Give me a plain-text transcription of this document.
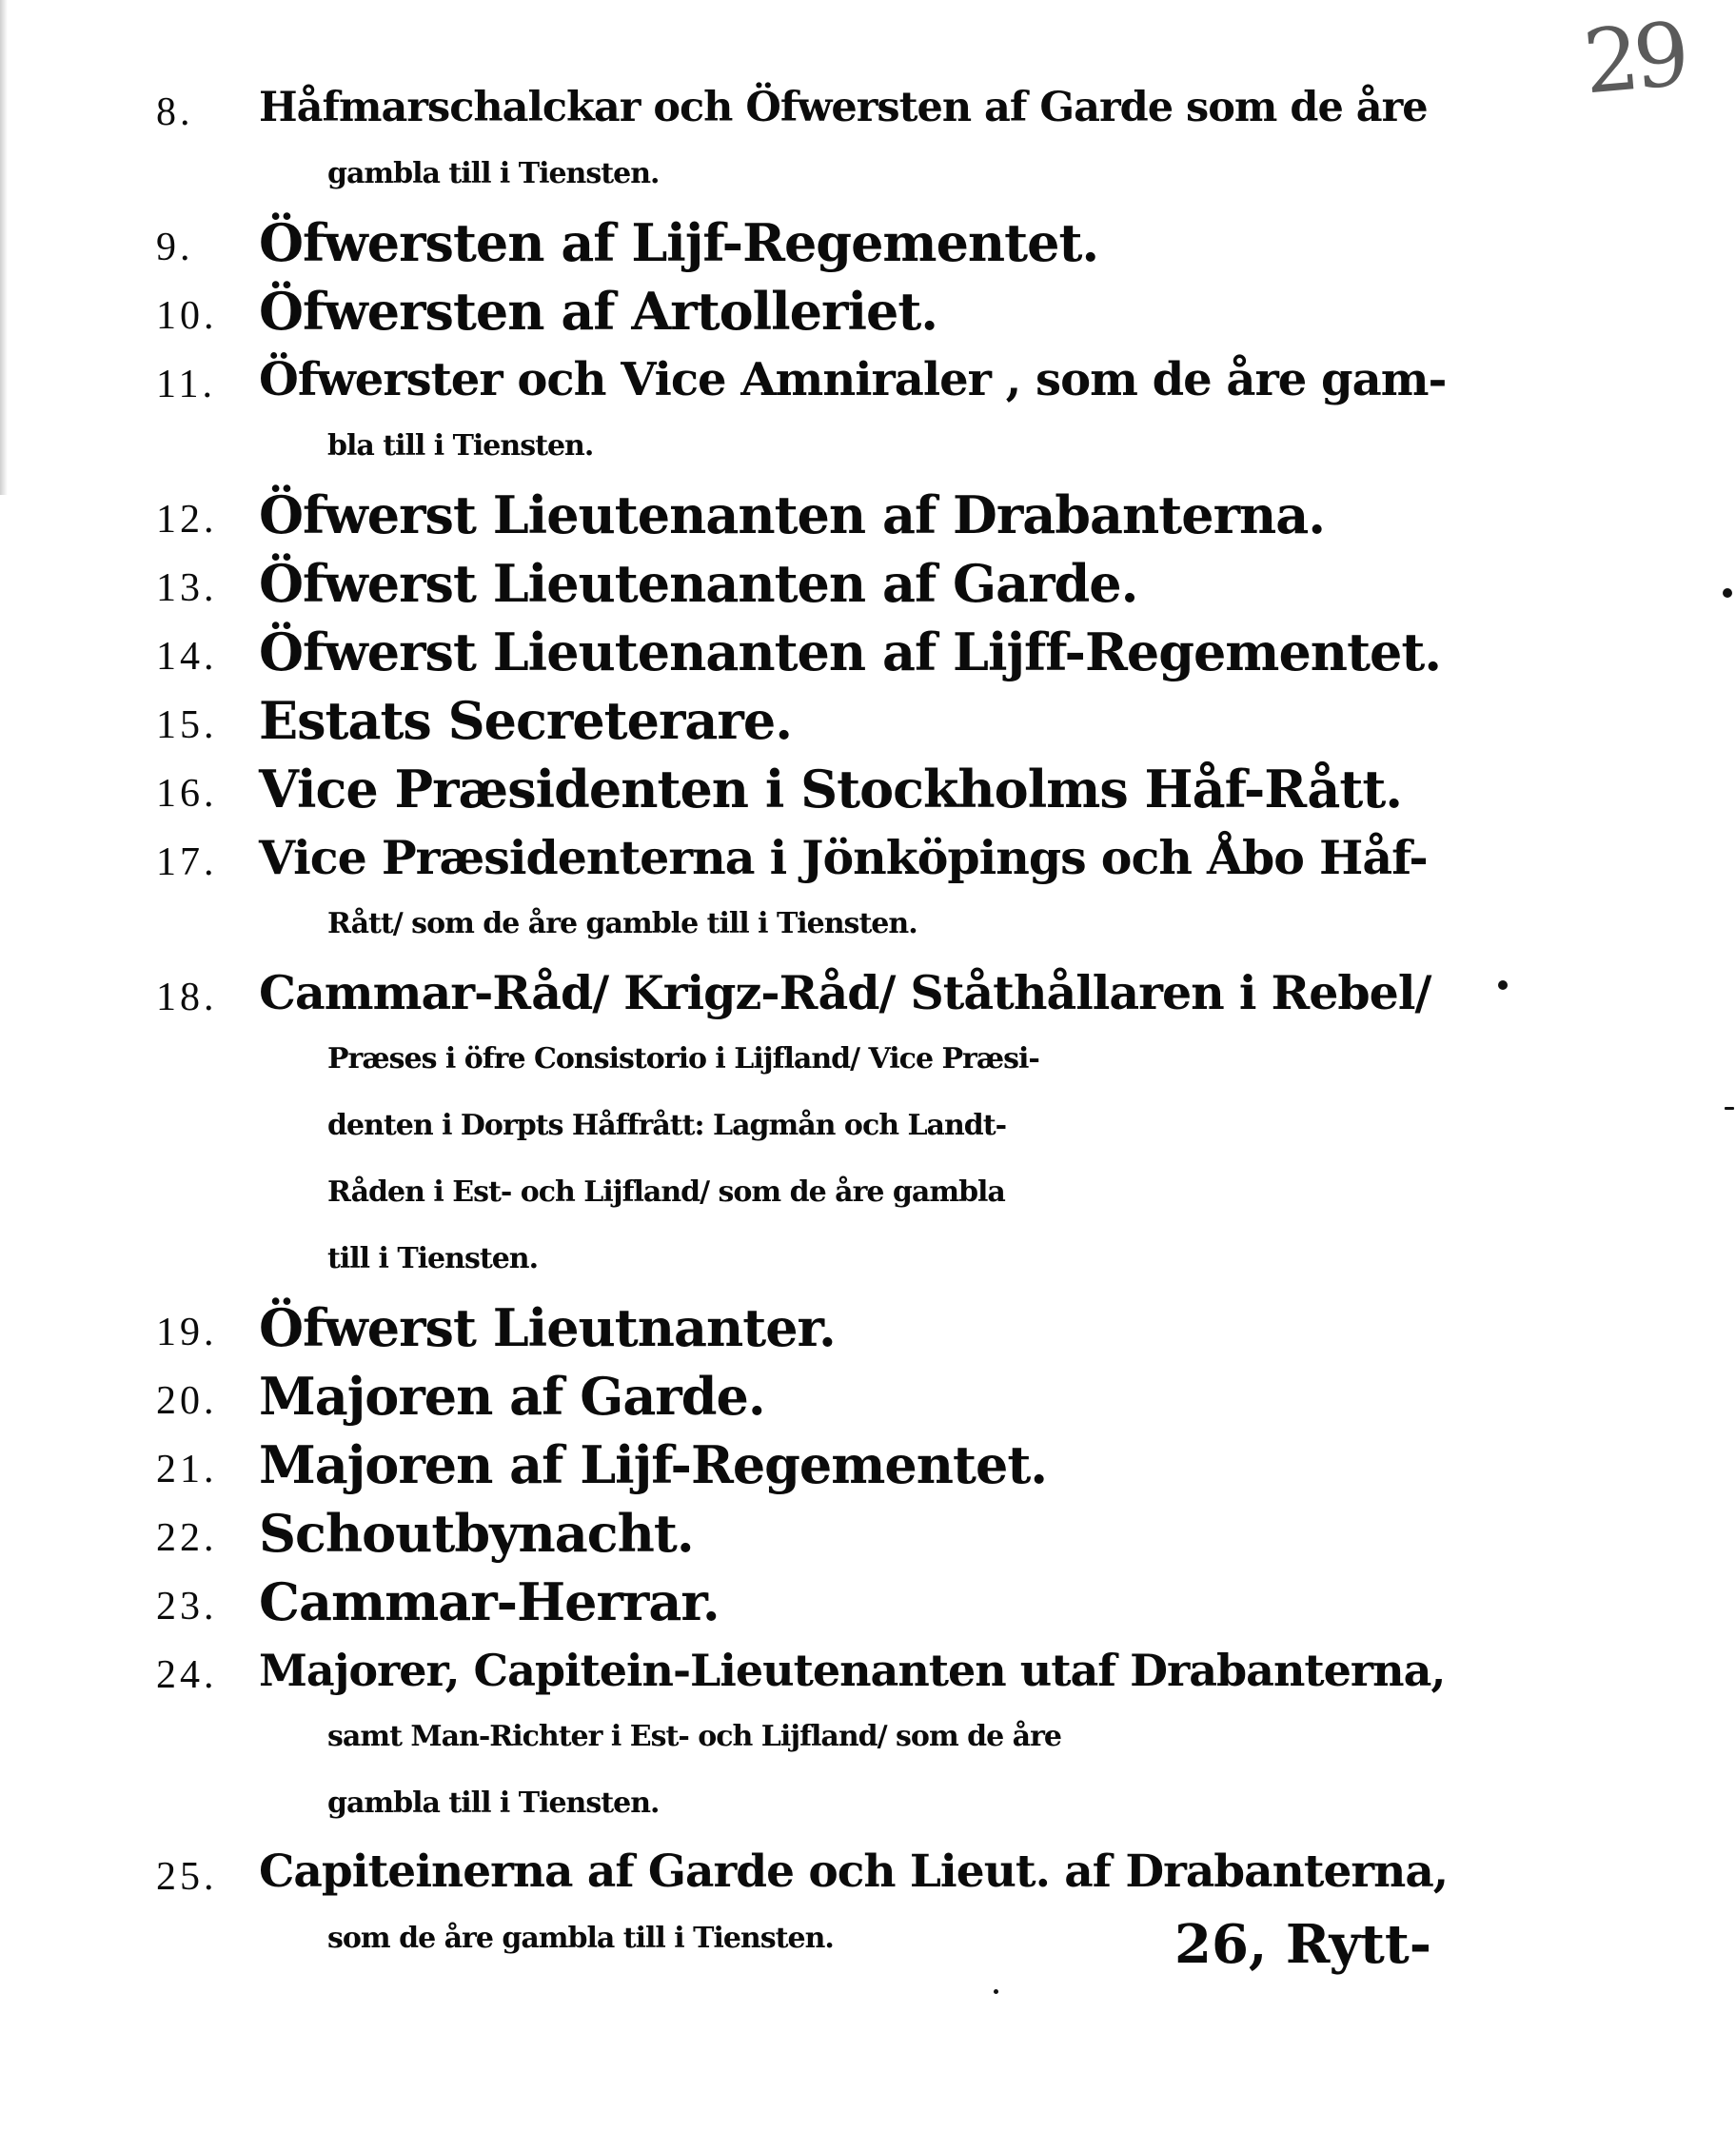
29
8.	Håfmarschalckar och Öfwersten af Garde som de åre
gambla till i Tiensten.
9.	Öfwersten af Lijf-Regementet.
10. Öfwersten af Artolleriet.
11. Öfwerster och Vice Amniraler , som de åre gam-
bla till i Tiensten.
12. Öfwerst Lieutenanten af Drabanterna.
13. Öfwerst Lieutenanten af Garde.
14. Öfwerst Lieutenanten af Lijff-Regementet.
15. Estats Secreterare.
16. Vice Præsidenten i Stockholms Håf-Rått.
17. Vice Præsidenterna i Jönköpings och Åbo Håf-
Rått/ som de åre gamble till i Tiensten.
18. Cammar-Råd/ Krigz-Råd/ Ståthållaren i Rebel/
Præses i öfre Consistorio i Lijfland/ Vice Præsi-
denten i Dorpts Håffrått: Lagmån och Landt-
Råden i Est- och Lijfland/ som de åre gambla
till i Tiensten.
19. Öfwerst Lieutnanter.
20. Majoren af Garde.
21. Majoren af Lijf-Regementet.
22. Schoutbynacht.
23. Cammar-Herrar.
24. Majorer, Capitein-Lieutenanten utaf Drabanterna,
samt Man-Richter i Est- och Lijfland/ som de åre
gambla till i Tiensten.
25. Capiteinerna af Garde och Lieut. af Drabanterna,
som de åre gambla till i Tiensten.	26, Rytt-
